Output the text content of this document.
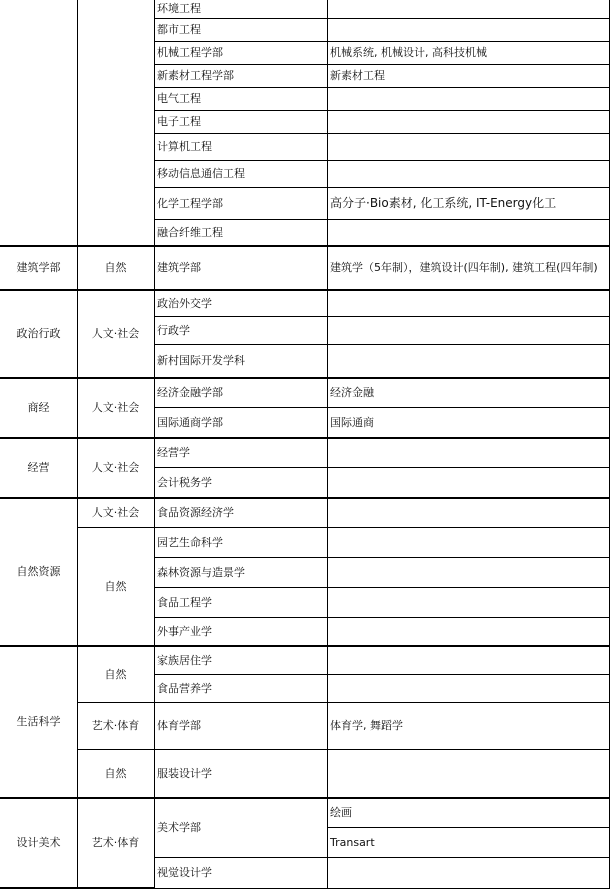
建筑学部
政治行政
商经
经营
自然资源
生活科学
设计美术
自然
人文·社会
人文·社会
人文·社会
人文·社会
自然
自然
艺术·体育
自然
艺术·体育
环境工程
都市工程
机械工程学部
新素材工程学部
电气工程
电子工程
计算机工程
移动信息通信工程
化学工程学部
融合纤维工程
建筑学部
政治外交学
行政学
新村国际开发学科
经济金融学部
国际通商学部
经营学
会计税务学
食品资源经济学
园艺生命科学
森林资源与造景学
食品工程学
外事产业学
家族居住学
食品营养学
体育学部
服装设计学
美术学部
视觉设计学
机械系统, 机械设计, 高科技机械
新素材工程
高分子·Bio素材, 化工系统, IT-Energy化工
建筑学（5年制），建筑设计(四年制), 建筑工程(四年制)
经济金融
国际通商
体育学, 舞蹈学
绘画
Transart
